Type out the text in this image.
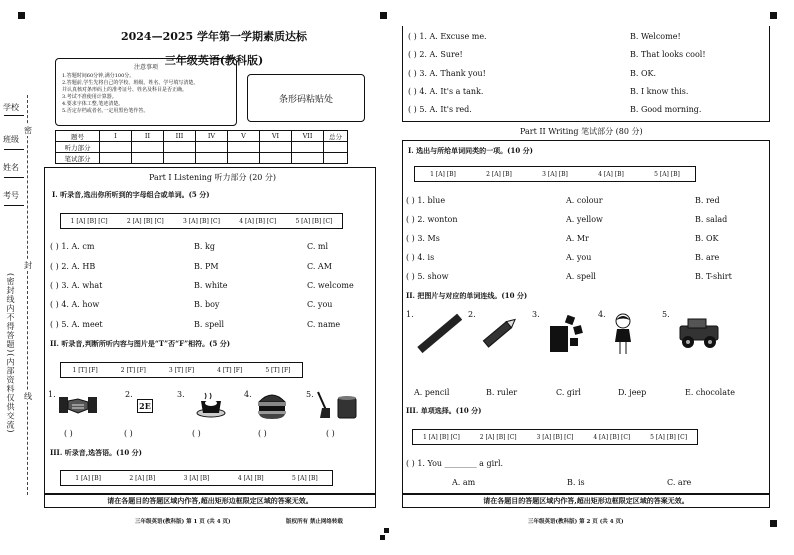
学校
班级
姓名
考号
密
封
线
(密封线内不得答题)(内部资料仅供交流)
2024—2025 学年第一学期素质达标
三年级英语(教科版)
注意事项
1.答题时间60分钟,满分100分。
2.答题前,学生先将自己的学校、班级、姓名、学号填写清楚。
并认真核对条形码上的准考证号、姓名及科目是否正确。
3.考试不准使用计算器。
4.要求字体工整,笔迹清楚。
5.否定存档或者名,一定用黑色笔作答。
条形码粘贴处
题号	I	II	III	IV	V	VI	VII	总分
听力部分								
笔试部分								
Part I Listening 听力部分 (20 分)
I. 听录音,选出你所听到的字母组合或单词。(5 分)
1 [A] [B] [C]	2 [A] [B] [C]	3 [A] [B] [C]	4 [A] [B] [C]	5 [A] [B] [C]
( ) 1. A. cm	B. kg	C. ml
( ) 2. A. HB	B. PM	C. AM
( ) 3. A. what	B. white	C. welcome
( ) 4. A. how	B. boy	C. you
( ) 5. A. meet	B. spell	C. name
II. 听录音,判断所听内容与图片是“T”否“F”相符。(5 分)
1 [T] [F]	2 [T] [F]	3 [T] [F]	4 [T] [F]	5 [T] [F]
1.	2.
2E
3.	4.	5.
( )	( )	( )	( )	( )
III. 听录音,选答语。(10 分)
1 [A] [B]	2 [A] [B]	3 [A] [B]	4 [A] [B]	5 [A] [B]
请在各题目的答题区域内作答,超出矩形边框限定区域的答案无效。
三年级英语(教科版) 第 1 页 (共 4 页)	版权所有 禁止网络转载
( ) 1. A. Excuse me.	B. Welcome!
( ) 2. A. Sure!	B. That looks cool!
( ) 3. A. Thank you!	B. OK.
( ) 4. A. It's a tank.	B. I know this.
( ) 5. A. It's red.	B. Good morning.
Part II Writing 笔试部分 (80 分)
I. 选出与所给单词同类的一项。(10 分)
1 [A] [B]	2 [A] [B]	3 [A] [B]	4 [A] [B]	5 [A] [B]
( ) 1. blue	A. colour	B. red
( ) 2. wonton	A. yellow	B. salad
( ) 3. Ms	A. Mr	B. OK
( ) 4. is	A. you	B. are
( ) 5. show	A. spell	B. T-shirt
II. 把图片与对应的单词连线。(10 分)
1.	2.	3.	4.	5.
A. pencil	B. ruler	C. girl	D. jeep	E. chocolate
III. 单项选择。(10 分)
1 [A] [B] [C]	2 [A] [B] [C]	3 [A] [B] [C]	4 [A] [B] [C]	5 [A] [B] [C]
( ) 1. You ________ a girl.
A. am	B. is	C. are
请在各题目的答题区域内作答,超出矩形边框限定区域的答案无效。
三年级英语(教科版) 第 2 页 (共 4 页)
